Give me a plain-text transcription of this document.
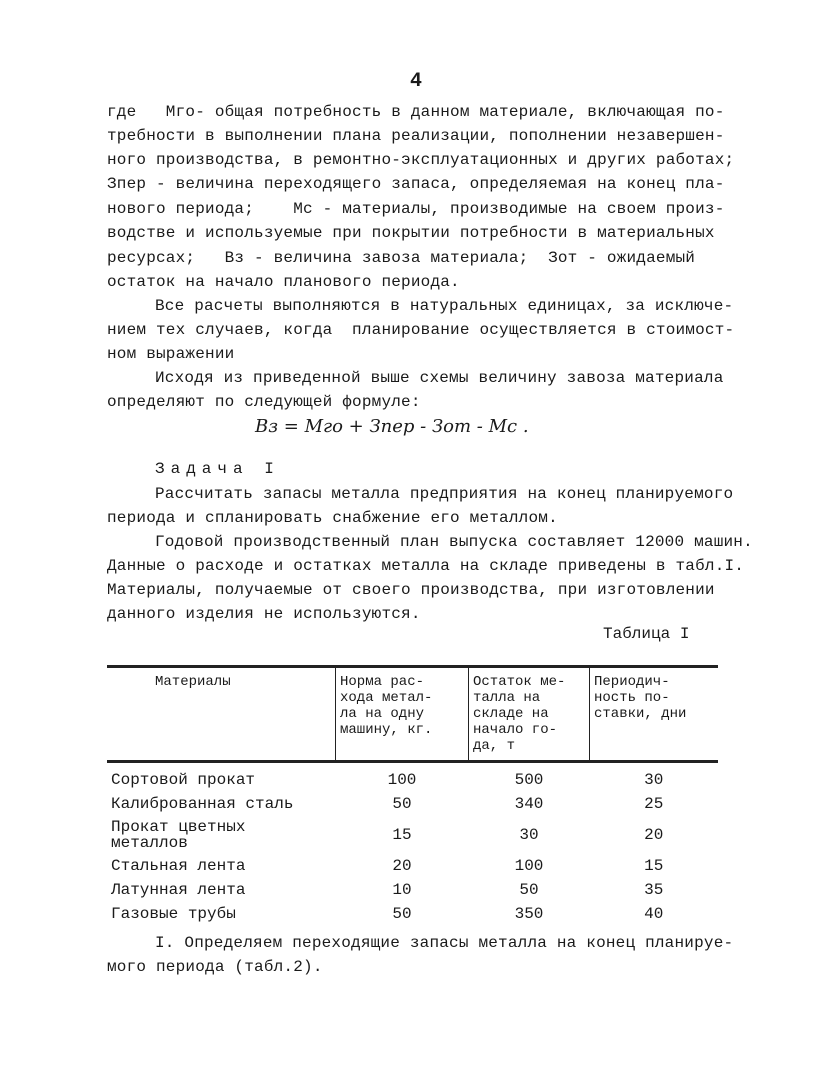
4
где   Мго- общая потребность в данном материале, включающая по-
требности в выполнении плана реализации, пополнении незавершен-
ного производства, в ремонтно-эксплуатационных и других работах;
Зпер - величина переходящего запаса, определяемая на конец пла-
нового периода;    Мс - материалы, производимые на своем произ-
водстве и используемые при покрытии потребности в материальных
ресурсах;   Вз - величина завоза материала;  Зот - ожидаемый
остаток на начало планового периода.
Все расчеты выполняются в натуральных единицах, за исключе-
нием тех случаев, когда  планирование осуществляется в стоимост-
ном выражении
Исходя из приведенной выше схемы величину завоза материала
определяют по следующей формуле:
Рассчитать запасы металла предприятия на конец планируемого
периода и спланировать снабжение его металлом.
Годовой производственный план выпуска составляет 12000 машин.
Данные о расходе и остатках металла на складе приведены в табл.I.
Материалы, получаемые от своего производства, при изготовлении
данного изделия не используются.
I. Определяем переходящие запасы металла на конец планируе-
мого периода (табл.2).
Вз = Мго + Зпер - Зот - Мс .
Задача I
Таблица I
Материалы	Норма рас-
хода метал-
ла на одну
машину, кг.	Остаток ме-
талла на
складе на
начало го-
да, т	Периодич-
ность по-
ставки, дни
Сортовой прокат	100	500	30
Калиброванная сталь	50	340	25
Прокат цветных металлов	15	30	20
Стальная лента	20	100	15
Латунная лента	10	50	35
Газовые трубы	50	350	40
